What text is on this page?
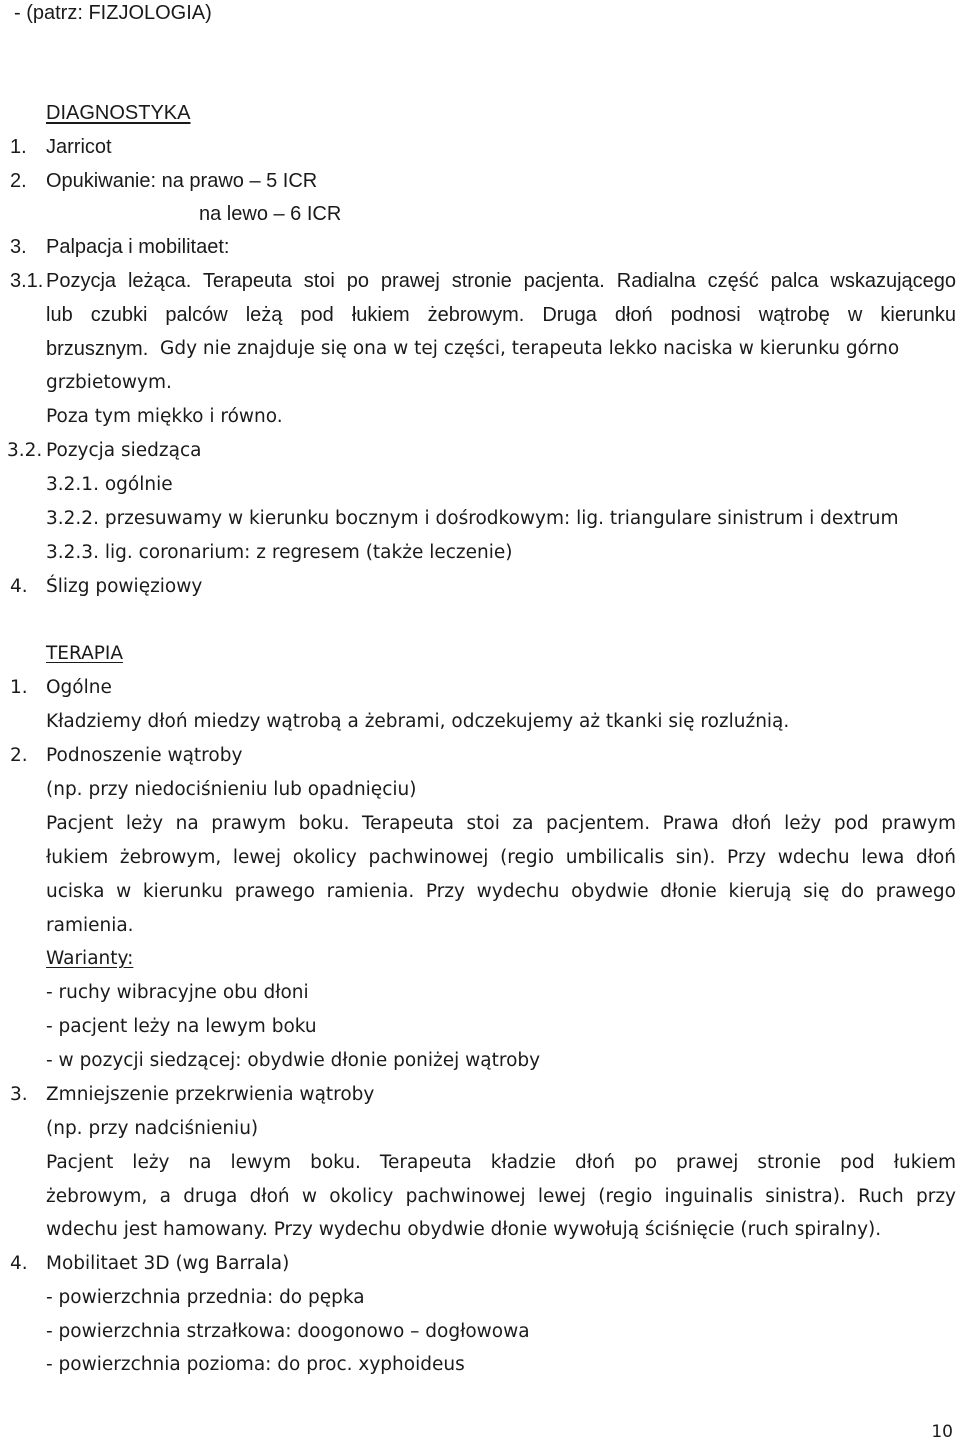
- (patrz: FIZJOLOGIA)
DIAGNOSTYKA
1. Jarricot
2. Opukiwanie: na prawo – 5 ICR
na lewo – 6 ICR
3. Palpacja i mobilitaet:
3.1. Pozycja leżąca. Terapeuta stoi po prawej stronie pacjenta. Radialna część palca wskazującego
lub czubki palców leżą pod łukiem żebrowym. Druga dłoń podnosi wątrobę w kierunku
brzusznym. Gdy nie znajduje się ona w tej części, terapeuta lekko naciska w kierunku górno
grzbietowym.
Poza tym miękko i równo.
3.2. Pozycja siedząca
3.2.1. ogólnie
3.2.2. przesuwamy w kierunku bocznym i dośrodkowym: lig. triangulare sinistrum i dextrum
3.2.3. lig. coronarium: z regresem (także leczenie)
4. Ślizg powięziowy
TERAPIA
1. Ogólne
Kładziemy dłoń miedzy wątrobą a żebrami, odczekujemy aż tkanki się rozluźnią.
2. Podnoszenie wątroby
(np. przy niedociśnieniu lub opadnięciu)
Pacjent leży na prawym boku. Terapeuta stoi za pacjentem. Prawa dłoń leży pod prawym
łukiem żebrowym, lewej okolicy pachwinowej (regio umbilicalis sin). Przy wdechu lewa dłoń
uciska w kierunku prawego ramienia. Przy wydechu obydwie dłonie kierują się do prawego
ramienia.
Warianty:
- ruchy wibracyjne obu dłoni
- pacjent leży na lewym boku
- w pozycji siedzącej: obydwie dłonie poniżej wątroby
3. Zmniejszenie przekrwienia wątroby
(np. przy nadciśnieniu)
Pacjent leży na lewym boku. Terapeuta kładzie dłoń po prawej stronie pod łukiem
żebrowym, a druga dłoń w okolicy pachwinowej lewej (regio inguinalis sinistra). Ruch przy
wdechu jest hamowany. Przy wydechu obydwie dłonie wywołują ściśnięcie (ruch spiralny).
4. Mobilitaet 3D (wg Barrala)
- powierzchnia przednia: do pępka
- powierzchnia strzałkowa: doogonowo – dogłowowa
- powierzchnia pozioma: do proc. xyphoideus
10
